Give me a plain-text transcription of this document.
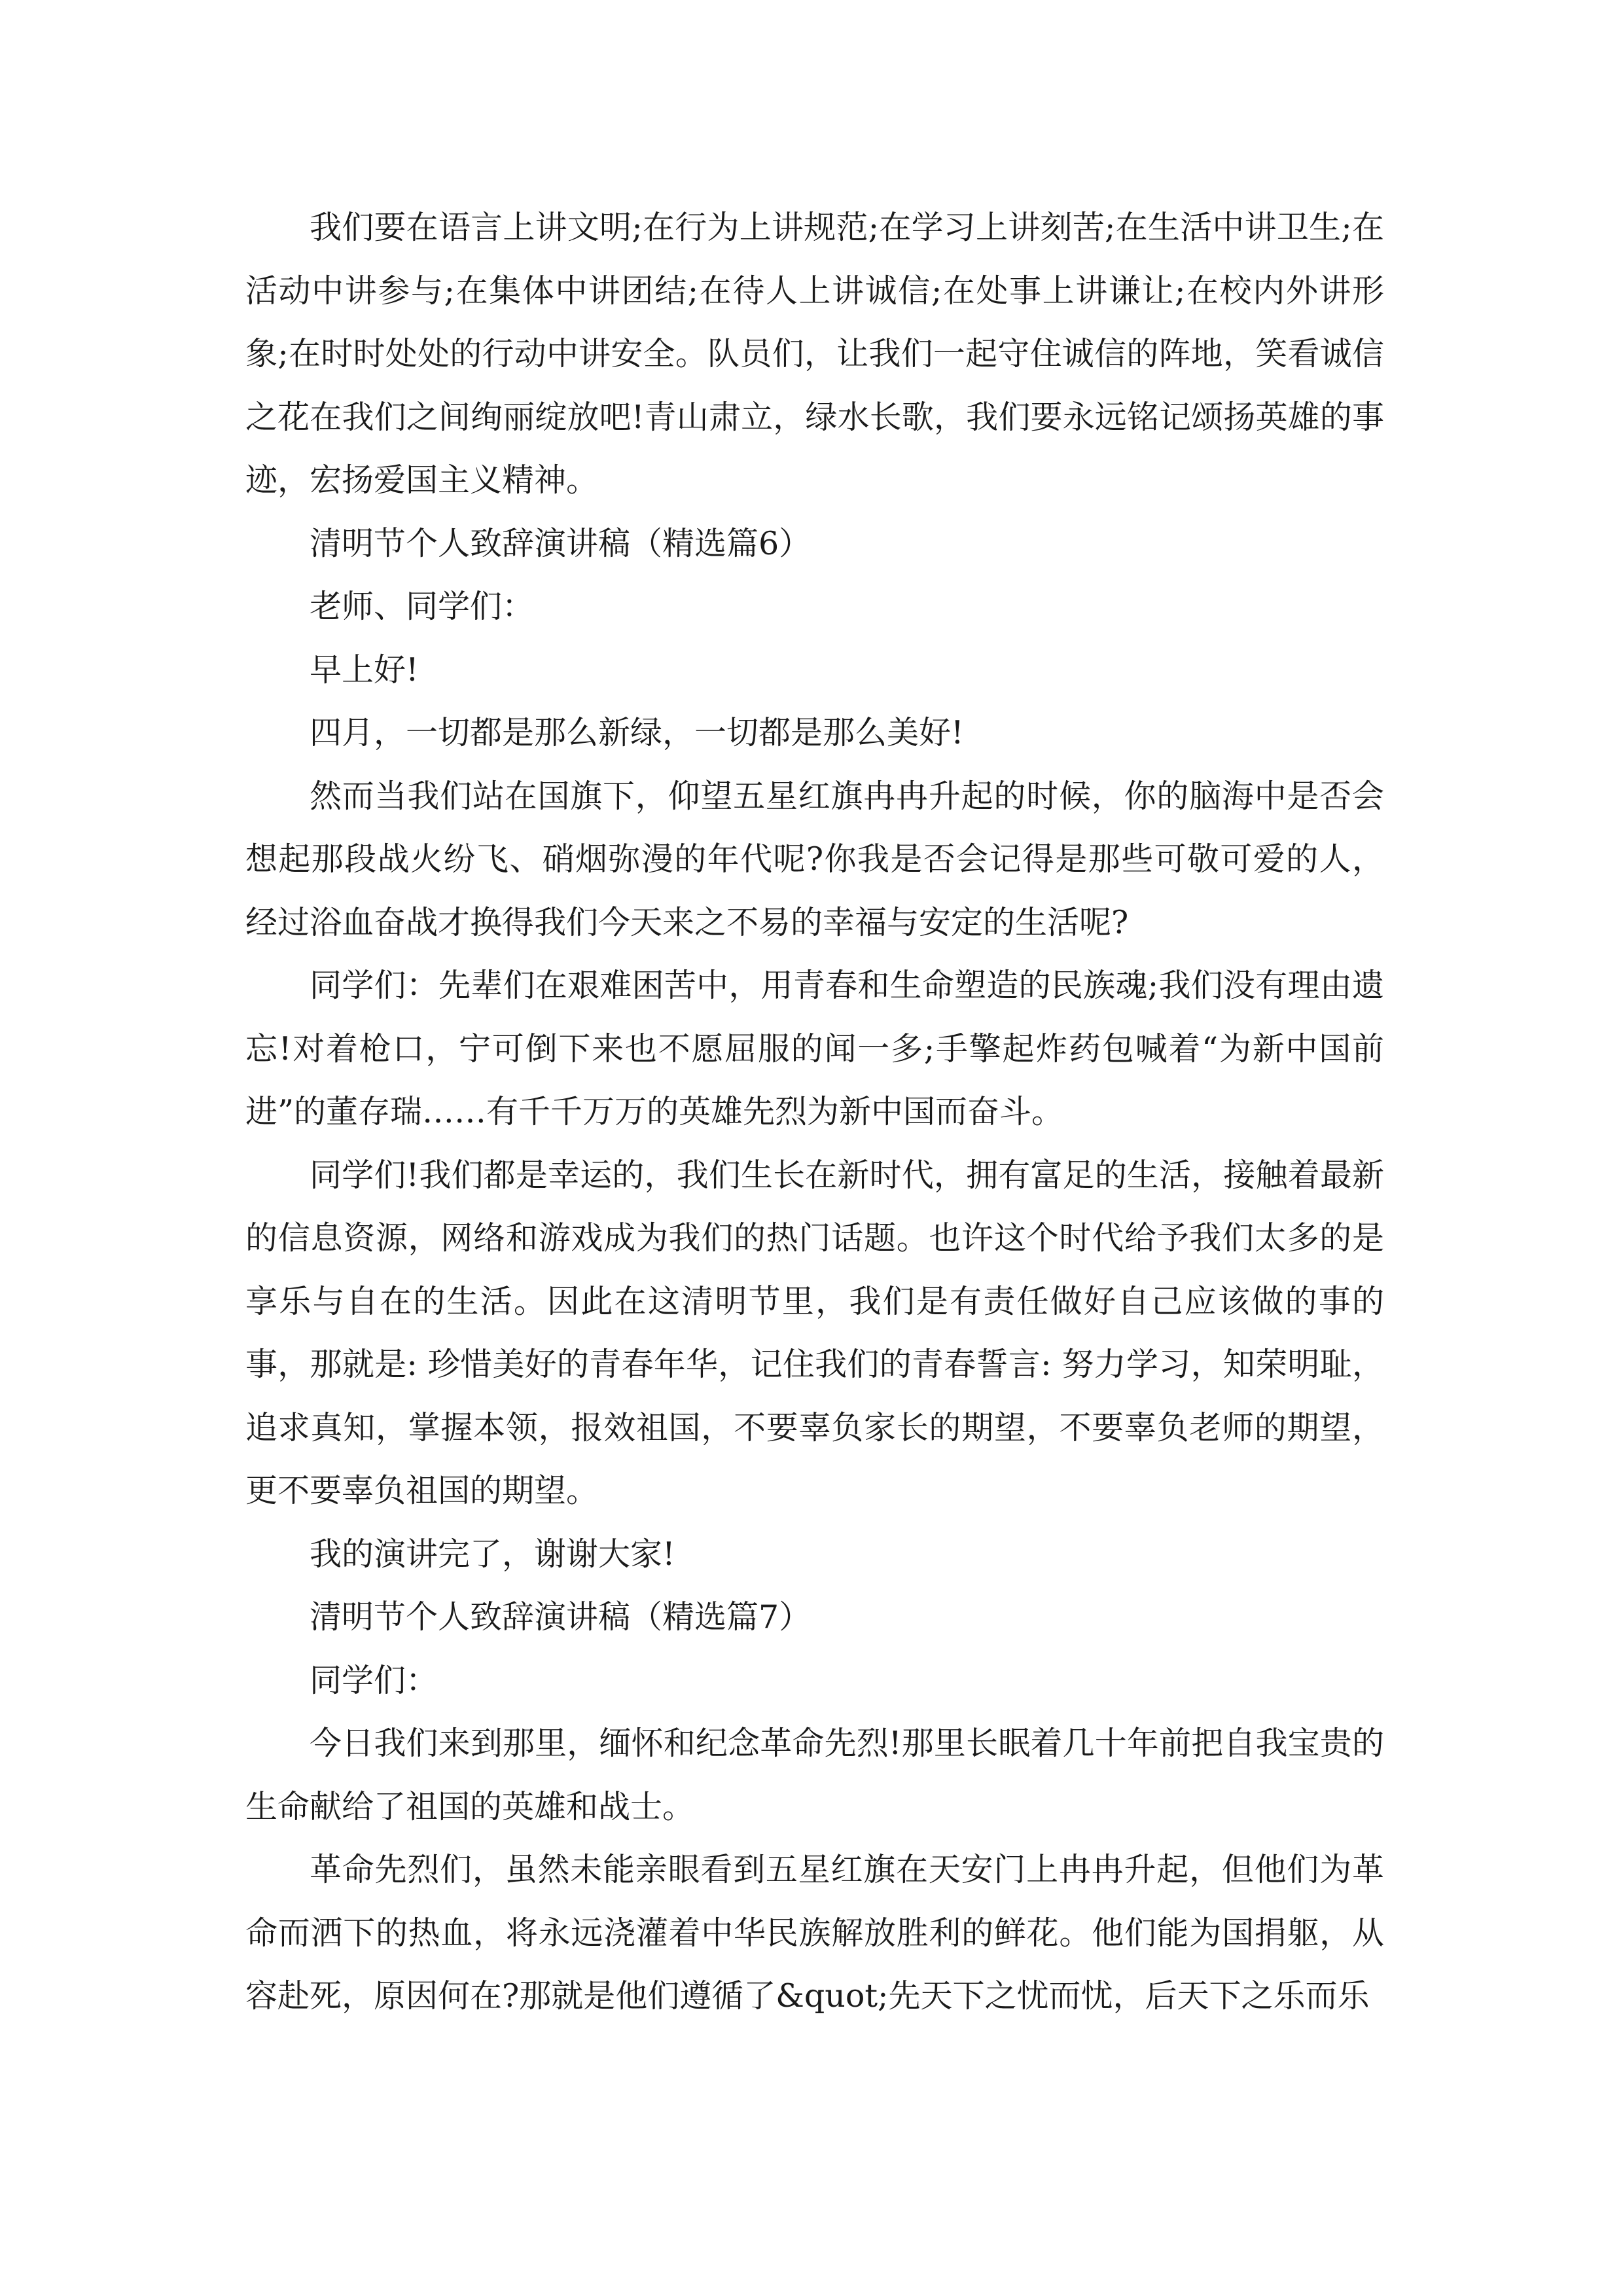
我们要在语言上讲文明;在行为上讲规范;在学习上讲刻苦;在生活中讲卫生;在活动中讲参与;在集体中讲团结;在待人上讲诚信;在处事上讲谦让;在校内外讲形象;在时时处处的行动中讲安全。队员们，让我们一起守住诚信的阵地，笑看诚信之花在我们之间绚丽绽放吧!青山肃立，绿水长歌，我们要永远铭记颂扬英雄的事迹，宏扬爱国主义精神。

清明节个人致辞演讲稿（精选篇6）

老师、同学们：

早上好!

四月，一切都是那么新绿，一切都是那么美好!

然而当我们站在国旗下，仰望五星红旗冉冉升起的时候，你的脑海中是否会想起那段战火纷飞、硝烟弥漫的年代呢?你我是否会记得是那些可敬可爱的人，经过浴血奋战才换得我们今天来之不易的幸福与安定的生活呢?

同学们：先辈们在艰难困苦中，用青春和生命塑造的民族魂;我们没有理由遗忘!对着枪口，宁可倒下来也不愿屈服的闻一多;手擎起炸药包喊着“为新中国前进”的董存瑞……有千千万万的英雄先烈为新中国而奋斗。

同学们!我们都是幸运的，我们生长在新时代，拥有富足的生活，接触着最新的信息资源，网络和游戏成为我们的热门话题。也许这个时代给予我们太多的是享乐与自在的生活。因此在这清明节里，我们是有责任做好自己应该做的事的事，那就是: 珍惜美好的青春年华，记住我们的青春誓言: 努力学习，知荣明耻，追求真知，掌握本领，报效祖国，不要辜负家长的期望，不要辜负老师的期望，更不要辜负祖国的期望。

我的演讲完了，谢谢大家!

清明节个人致辞演讲稿（精选篇7）

同学们：

今日我们来到那里，缅怀和纪念革命先烈!那里长眠着几十年前把自我宝贵的生命献给了祖国的英雄和战士。

革命先烈们，虽然未能亲眼看到五星红旗在天安门上冉冉升起，但他们为革命而洒下的热血，将永远浇灌着中华民族解放胜利的鲜花。他们能为国捐躯，从容赴死，原因何在?那就是他们遵循了&quot;先天下之忧而忧，后天下之乐而乐
